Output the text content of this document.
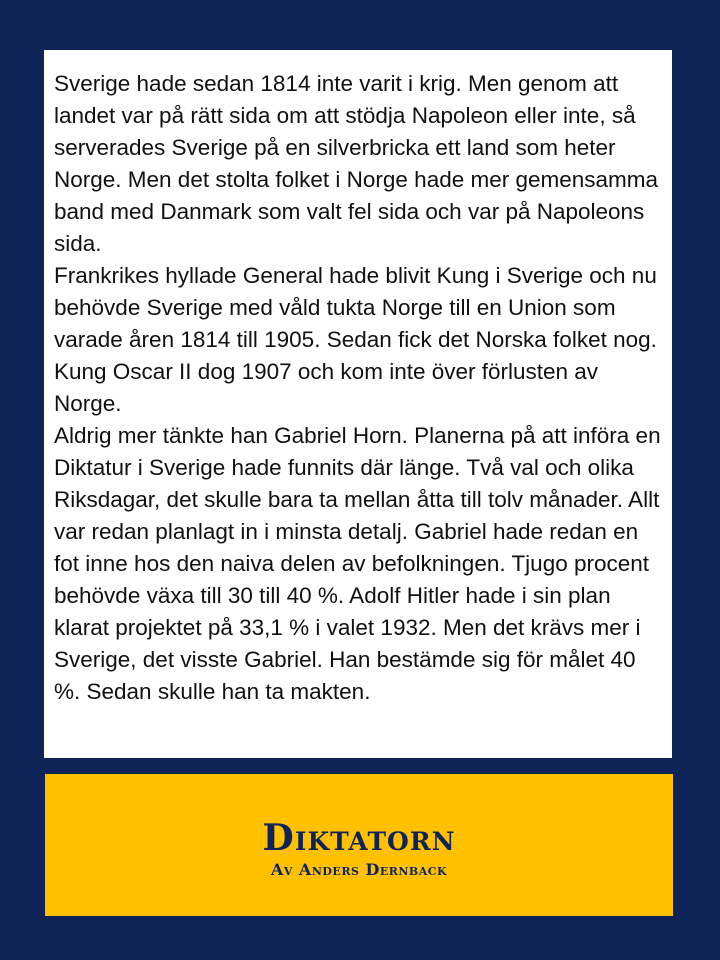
Sverige hade sedan 1814 inte varit i krig. Men genom att landet var på rätt sida om att stödja Napoleon eller inte, så serverades Sverige på en silverbricka ett land som heter Norge. Men det stolta folket i Norge hade mer gemensamma band med Danmark som valt fel sida och var på Napoleons sida.

Frankrikes hyllade General hade blivit Kung i Sverige och nu behövde Sverige med våld tukta Norge till en Union som varade åren 1814 till 1905. Sedan fick det Norska folket nog. Kung Oscar II dog 1907 och kom inte över förlusten av Norge.

Aldrig mer tänkte han Gabriel Horn. Planerna på att införa en Diktatur i Sverige hade funnits där länge. Två val och olika Riksdagar, det skulle bara ta mellan åtta till tolv månader. Allt var redan planlagt in i minsta detalj. Gabriel hade redan en fot inne hos den naiva delen av befolkningen. Tjugo procent behövde växa till 30 till 40 %. Adolf Hitler hade i sin plan klarat projektet på 33,1 % i valet 1932. Men det krävs mer i Sverige, det visste Gabriel. Han bestämde sig för målet 40 %. Sedan skulle han ta makten.

Diktatorn
Av Anders Dernback
